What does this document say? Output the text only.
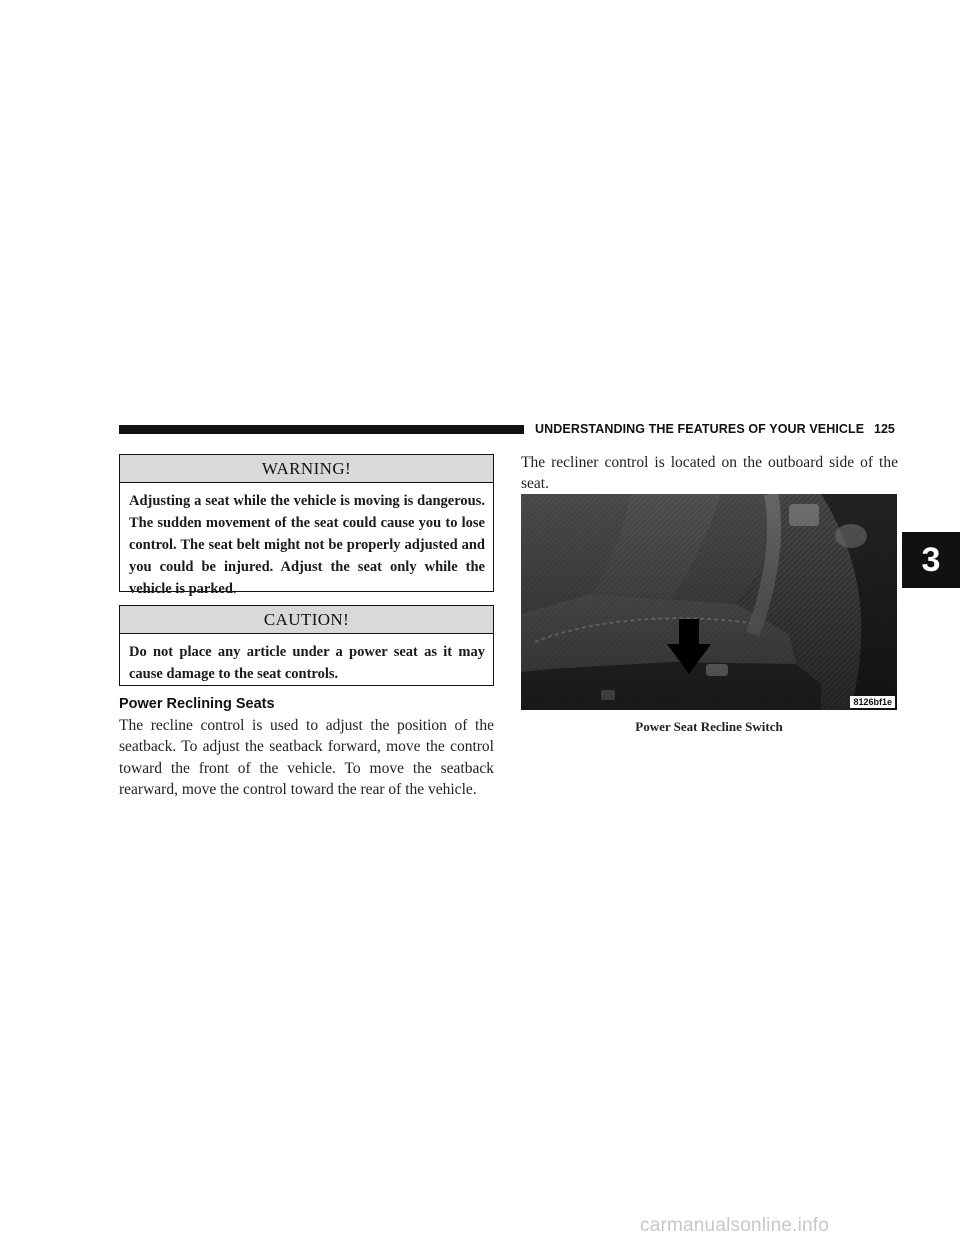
UNDERSTANDING THE FEATURES OF YOUR VEHICLE 125
3
WARNING!
Adjusting a seat while the vehicle is moving is dangerous. The sudden movement of the seat could cause you to lose control. The seat belt might not be properly adjusted and you could be injured. Adjust the seat only while the vehicle is parked.
CAUTION!
Do not place any article under a power seat as it may cause damage to the seat controls.
Power Reclining Seats
The recline control is used to adjust the position of the seatback. To adjust the seatback forward, move the control toward the front of the vehicle. To move the seatback rearward, move the control toward the rear of the vehicle.
The recliner control is located on the outboard side of the seat.
8126bf1e
Power Seat Recline Switch
carmanualsonline.info
